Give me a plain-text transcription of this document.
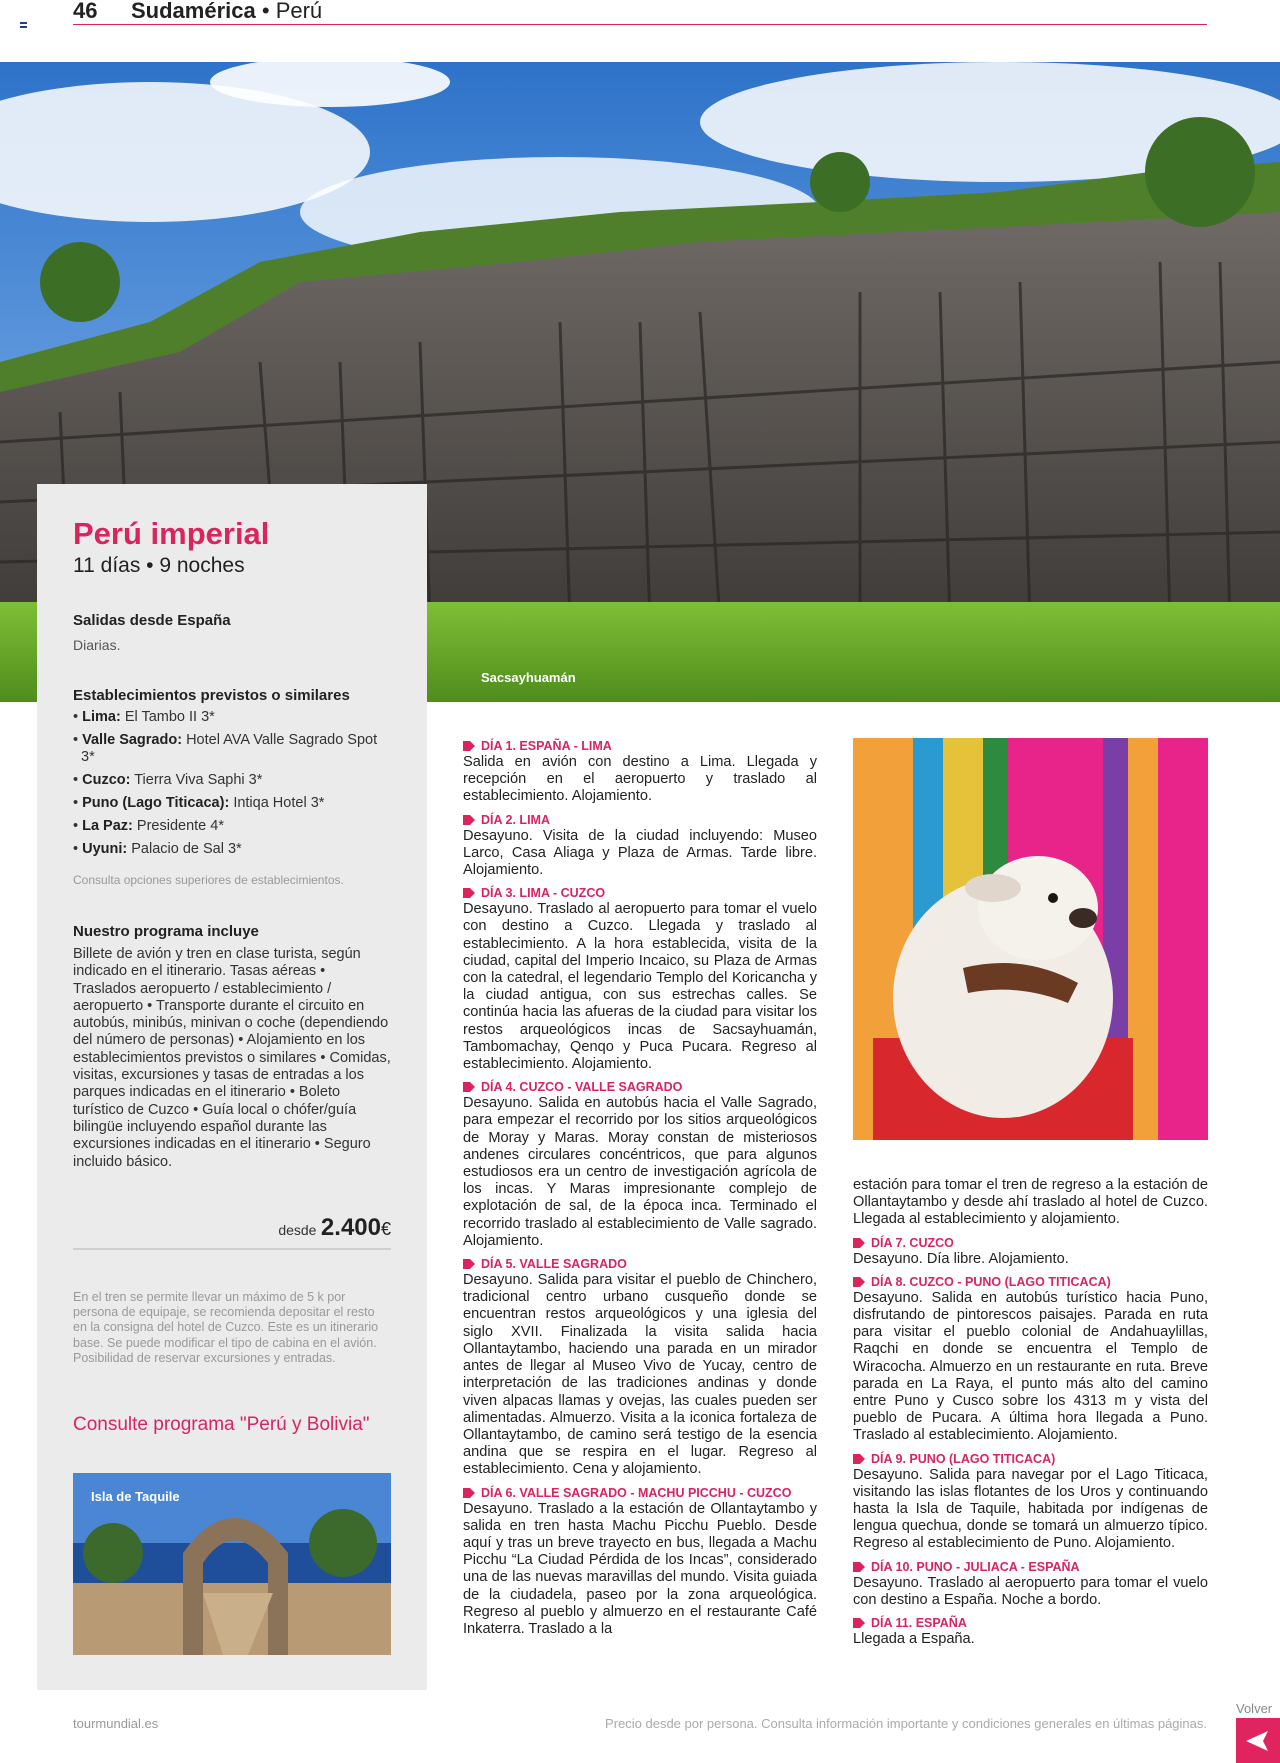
46 Sudamérica • Perú
Sacsayhuamán
Perú imperial
11 días • 9 noches
Salidas desde España
Diarias.
Establecimientos previstos o similares
• Lima: El Tambo II 3*
• Valle Sagrado: Hotel AVA Valle Sagrado Spot 3*
• Cuzco: Tierra Viva Saphi 3*
• Puno (Lago Titicaca): Intiqa Hotel 3*
• La Paz: Presidente 4*
• Uyuni: Palacio de Sal 3*
Consulta opciones superiores de establecimientos.
Nuestro programa incluye
Billete de avión y tren en clase turista, según indicado en el itinerario. Tasas aéreas • Traslados aeropuerto / establecimiento / aeropuerto • Transporte durante el circuito en autobús, minibús, minivan o coche (dependiendo del número de personas) • Alojamiento en los establecimientos previstos o similares • Comidas, visitas, excursiones y tasas de entradas a los parques indicadas en el itinerario • Boleto turístico de Cuzco • Guía local o chófer/guía bilingüe incluyendo español durante las excursiones indicadas en el itinerario • Seguro incluido básico.
desde 2.400€
En el tren se permite llevar un máximo de 5 k por persona de equipaje, se recomienda depositar el resto en la consigna del hotel de Cuzco. Este es un itinerario base. Se puede modificar el tipo de cabina en el avión. Posibilidad de reservar excursiones y entradas.
Consulte programa "Perú y Bolivia"
Isla de Taquile
DÍA 1. ESPAÑA - LIMA
Salida en avión con destino a Lima. Llegada y recepción en el aeropuerto y traslado al establecimiento. Alojamiento.
DÍA 2. LIMA
Desayuno. Visita de la ciudad incluyendo: Museo Larco, Casa Aliaga y Plaza de Armas. Tarde libre. Alojamiento.
DÍA 3. LIMA - CUZCO
Desayuno. Traslado al aeropuerto para tomar el vuelo con destino a Cuzco. Llegada y traslado al establecimiento. A la hora establecida, visita de la ciudad, capital del Imperio Incaico, su Plaza de Armas con la catedral, el legendario Templo del Koricancha y la ciudad antigua, con sus estrechas calles. Se continúa hacia las afueras de la ciudad para visitar los restos arqueológicos incas de Sacsayhuamán, Tambomachay, Qenqo y Puca Pucara. Regreso al establecimiento. Alojamiento.
DÍA 4. CUZCO - VALLE SAGRADO
Desayuno. Salida en autobús hacia el Valle Sagrado, para empezar el recorrido por los sitios arqueológicos de Moray y Maras. Moray constan de misteriosos andenes circulares concéntricos, que para algunos estudiosos era un centro de investigación agrícola de los incas. Y Maras impresionante complejo de explotación de sal, de la época inca. Terminado el recorrido traslado al establecimiento de Valle sagrado. Alojamiento.
DÍA 5. VALLE SAGRADO
Desayuno. Salida para visitar el pueblo de Chinchero, tradicional centro urbano cusqueño donde se encuentran restos arqueológicos y una iglesia del siglo XVII. Finalizada la visita salida hacia Ollantaytambo, haciendo una parada en un mirador antes de llegar al Museo Vivo de Yucay, centro de interpretación de las tradiciones andinas y donde viven alpacas llamas y ovejas, las cuales pueden ser alimentadas. Almuerzo. Visita a la iconica fortaleza de Ollantaytambo, de camino será testigo de la esencia andina que se respira en el lugar. Regreso al establecimiento. Cena y alojamiento.
DÍA 6. VALLE SAGRADO - MACHU PICCHU - CUZCO
Desayuno. Traslado a la estación de Ollantaytambo y salida en tren hasta Machu Picchu Pueblo. Desde aquí y tras un breve trayecto en bus, llegada a Machu Picchu “La Ciudad Pérdida de los Incas”, considerado una de las nuevas maravillas del mundo. Visita guiada de la ciudadela, paseo por la zona arqueológica. Regreso al pueblo y almuerzo en el restaurante Café Inkaterra. Traslado a la
estación para tomar el tren de regreso a la estación de Ollantaytambo y desde ahí traslado al hotel de Cuzco. Llegada al establecimiento y alojamiento.
DÍA 7. CUZCO
Desayuno. Día libre. Alojamiento.
DÍA 8. CUZCO - PUNO (LAGO TITICACA)
Desayuno. Salida en autobús turístico hacia Puno, disfrutando de pintorescos paisajes. Parada en ruta para visitar el pueblo colonial de Andahuaylillas, Raqchi en donde se encuentra el Templo de Wiracocha. Almuerzo en un restaurante en ruta. Breve parada en La Raya, el punto más alto del camino entre Puno y Cusco sobre los 4313 m y vista del pueblo de Pucara. A última hora llegada a Puno. Traslado al establecimiento. Alojamiento.
DÍA 9. PUNO (LAGO TITICACA)
Desayuno. Salida para navegar por el Lago Titicaca, visitando las islas flotantes de los Uros y continuando hasta la Isla de Taquile, habitada por indígenas de lengua quechua, donde se tomará un almuerzo típico. Regreso al establecimiento de Puno. Alojamiento.
DÍA 10. PUNO - JULIACA - ESPAÑA
Desayuno. Traslado al aeropuerto para tomar el vuelo con destino a España. Noche a bordo.
DÍA 11. ESPAÑA
Llegada a España.
tourmundial.es	Precio desde por persona. Consulta información importante y condiciones generales en últimas páginas.
Volver
